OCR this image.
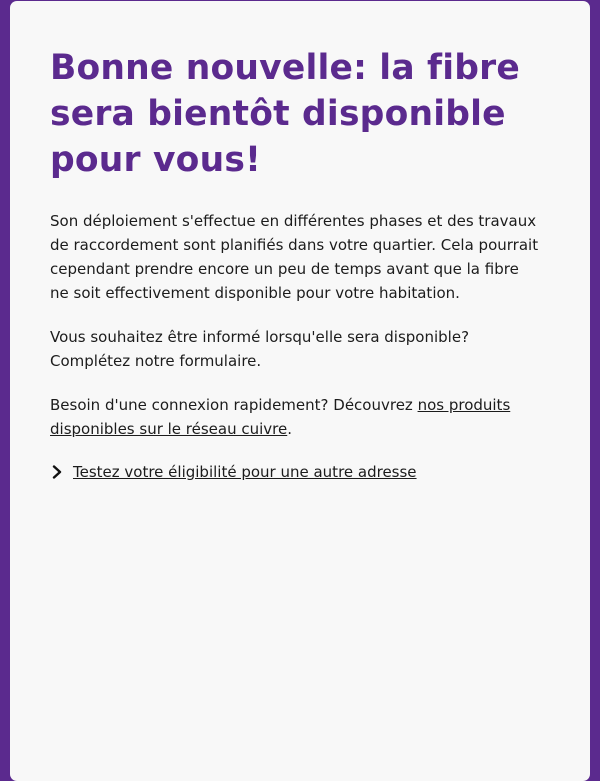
Bonne nouvelle: la fibre sera bientôt disponible pour vous!

Son déploiement s'effectue en différentes phases et des travaux de raccordement sont planifiés dans votre quartier. Cela pourrait cependant prendre encore un peu de temps avant que la fibre ne soit effectivement disponible pour votre habitation.

Vous souhaitez être informé lorsqu'elle sera disponible? Complétez notre formulaire.

Besoin d'une connexion rapidement? Découvrez nos produits disponibles sur le réseau cuivre.

Testez votre éligibilité pour une autre adresse
